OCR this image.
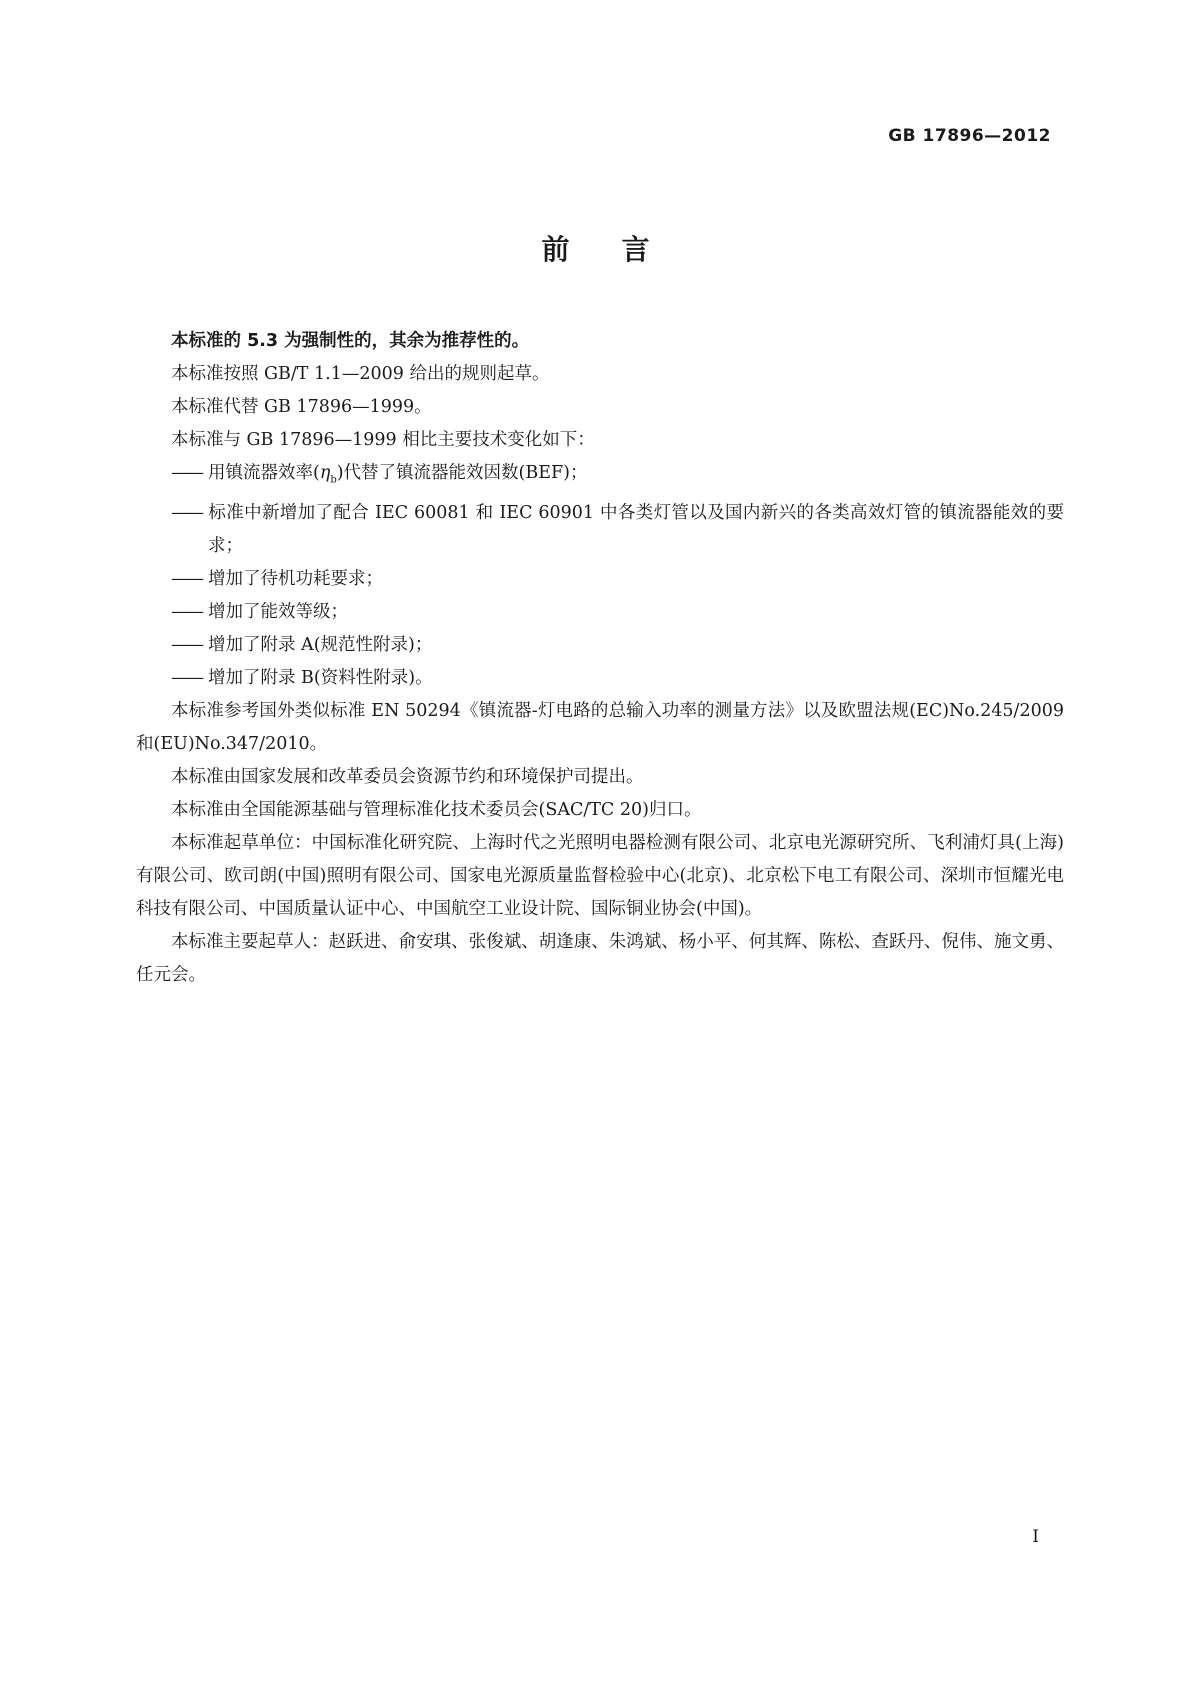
GB 17896—2012
前言

本标准的 5.3 为强制性的，其余为推荐性的。

本标准按照 GB/T 1.1—2009 给出的规则起草。

本标准代替 GB 17896—1999。

本标准与 GB 17896—1999 相比主要技术变化如下：

—— 用镇流器效率$(\eta_b)$代替了镇流器能效因数(BEF)；

—— 标准中新增加了配合 IEC 60081 和 IEC 60901 中各类灯管以及国内新兴的各类高效灯管的镇流器能效的要求；

—— 增加了待机功耗要求；

—— 增加了能效等级；

—— 增加了附录 A(规范性附录)；

—— 增加了附录 B(资料性附录)。

本标准参考国外类似标准 EN 50294《镇流器-灯电路的总输入功率的测量方法》以及欧盟法规(EC)No.245/2009 和(EU)No.347/2010。

本标准由国家发展和改革委员会资源节约和环境保护司提出。

本标准由全国能源基础与管理标准化技术委员会(SAC/TC 20)归口。

本标准起草单位：中国标准化研究院、上海时代之光照明电器检测有限公司、北京电光源研究所、飞利浦灯具(上海)有限公司、欧司朗(中国)照明有限公司、国家电光源质量监督检验中心(北京)、北京松下电工有限公司、深圳市恒耀光电科技有限公司、中国质量认证中心、中国航空工业设计院、国际铜业协会(中国)。

本标准主要起草人：赵跃进、俞安琪、张俊斌、胡逢康、朱鸿斌、杨小平、何其辉、陈松、查跃丹、倪伟、施文勇、任元会。

I
